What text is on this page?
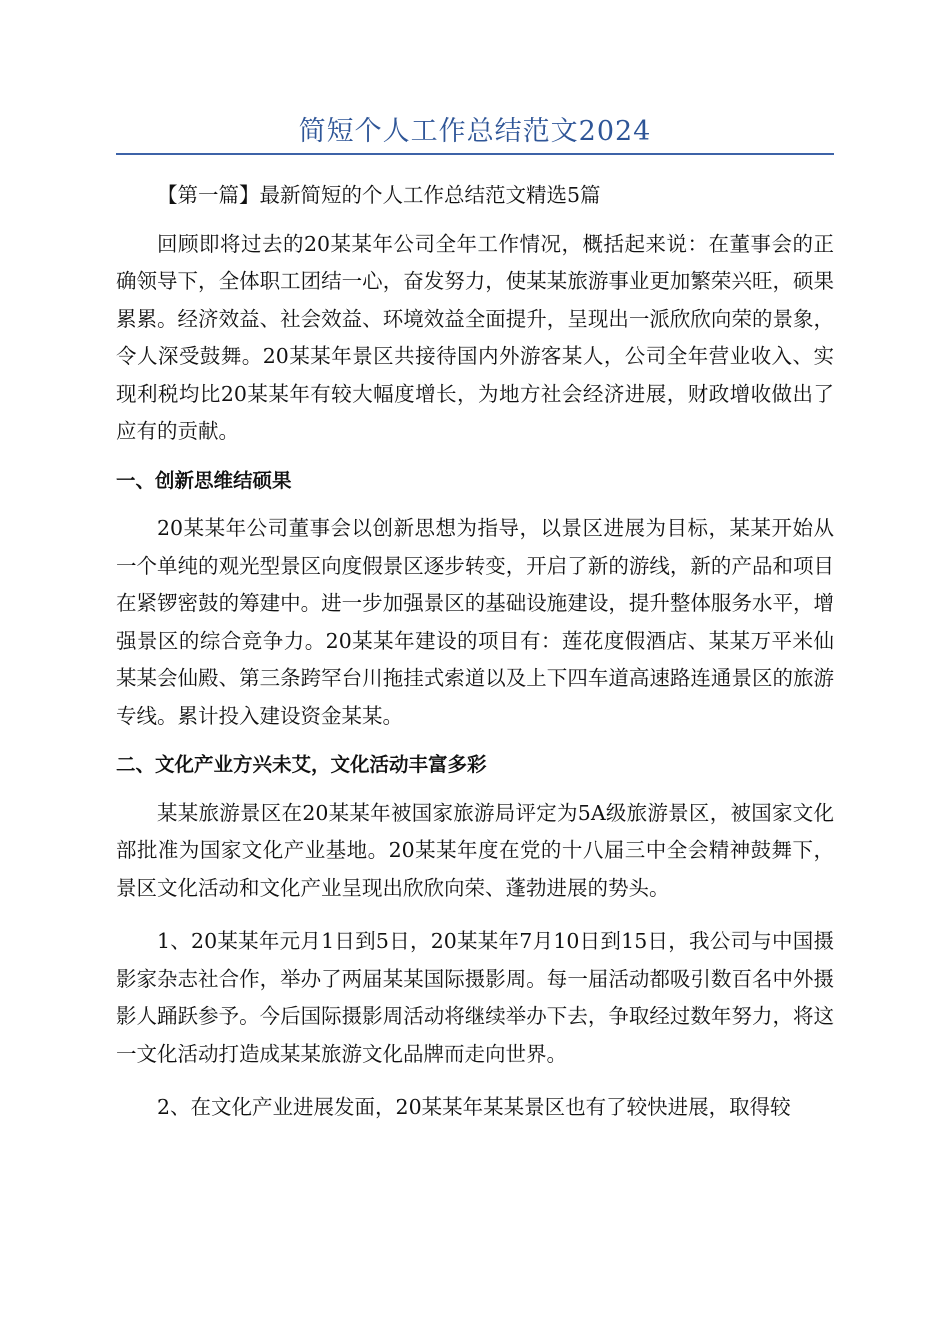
简短个人工作总结范文2024

【第一篇】最新简短的个人工作总结范文精选5篇

回顾即将过去的20某某年公司全年工作情况，概括起来说：在董事会的正确领导下，全体职工团结一心，奋发努力，使某某旅游事业更加繁荣兴旺，硕果累累。经济效益、社会效益、环境效益全面提升，呈现出一派欣欣向荣的景象，令人深受鼓舞。20某某年景区共接待国内外游客某人，公司全年营业收入、实现利税均比20某某年有较大幅度增长，为地方社会经济进展，财政增收做出了应有的贡献。

一、创新思维结硕果

20某某年公司董事会以创新思想为指导，以景区进展为目标，某某开始从一个单纯的观光型景区向度假景区逐步转变，开启了新的游线，新的产品和项目在紧锣密鼓的筹建中。进一步加强景区的基础设施建设，提升整体服务水平，增强景区的综合竞争力。20某某年建设的项目有：莲花度假酒店、某某万平米仙某某会仙殿、第三条跨罕台川拖挂式索道以及上下四车道高速路连通景区的旅游专线。累计投入建设资金某某。

二、文化产业方兴未艾，文化活动丰富多彩

某某旅游景区在20某某年被国家旅游局评定为5A级旅游景区，被国家文化部批准为国家文化产业基地。20某某年度在党的十八届三中全会精神鼓舞下，景区文化活动和文化产业呈现出欣欣向荣、蓬勃进展的势头。

1、20某某年元月1日到5日，20某某年7月10日到15日，我公司与中国摄影家杂志社合作，举办了两届某某国际摄影周。每一届活动都吸引数百名中外摄影人踊跃参予。今后国际摄影周活动将继续举办下去，争取经过数年努力，将这一文化活动打造成某某旅游文化品牌而走向世界。

2、在文化产业进展发面，20某某年某某景区也有了较快进展，取得较
